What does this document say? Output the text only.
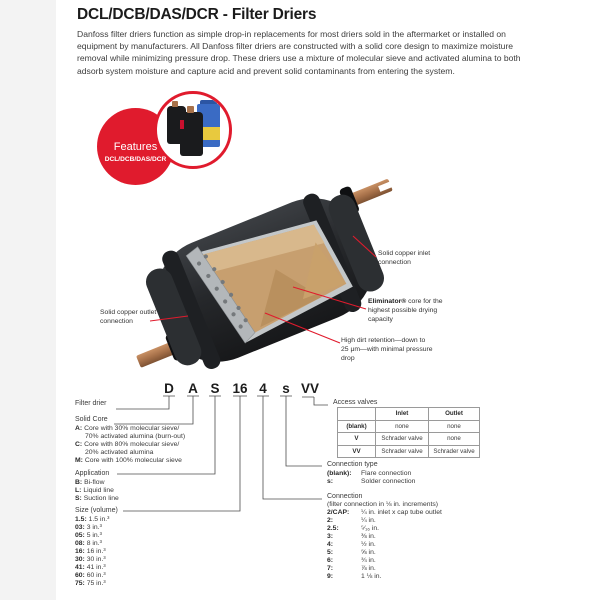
DCL/DCB/DAS/DCR - Filter Driers
Danfoss filter driers function as simple drop-in replacements for most driers sold in the aftermarket or installed on equipment by manufacturers. All Danfoss filter driers are constructed with a solid core design to maximize moisture removal while minimizing pressure drop. These driers use a mixture of molecular sieve and activated alumina to both adsorb system moisture and capture acid and prevent solid contaminants from entering the system.
Features
DCL/DCB/DAS/DCR
Solid copper outlet connection
Solid copper inlet connection
Eliminator® core for the highest possible drying capacity
High dirt retention—down to 25 μm—with minimal pressure drop
D A S 16 4 s VV
Filter drier
Solid Core
A: Core with 30% molecular sieve/
70% activated alumina (burn-out)
C: Core with 80% molecular sieve/
20% activated alumina
M: Core with 100% molecular sieve
Application
B: Bi-flow
L: Liquid line
S: Suction line
Size (volume)
1.5: 1.5 in.³
03: 3 in.³
05: 5 in.³
08: 8 in.³
16: 16 in.³
30: 30 in.³
41: 41 in.³
60: 60 in.³
75: 75 in.³
Access valves
	Inlet	Outlet
(blank)	none	none
V	Schrader valve	none
VV	Schrader valve	Schrader valve
Connection type
(blank): Flare connection
s:	Solder connection
Connection
(filter connection in ⅛ in. increments)
2/CAP: ¼ in. inlet x cap tube outlet
2:	¼ in.
2.5:	⁵⁄₁₆ in.
3:	⅜ in.
4:	½ in.
5:	⅝ in.
6:	¾ in.
7:	⅞ in.
9:	1 ⅛ in.
